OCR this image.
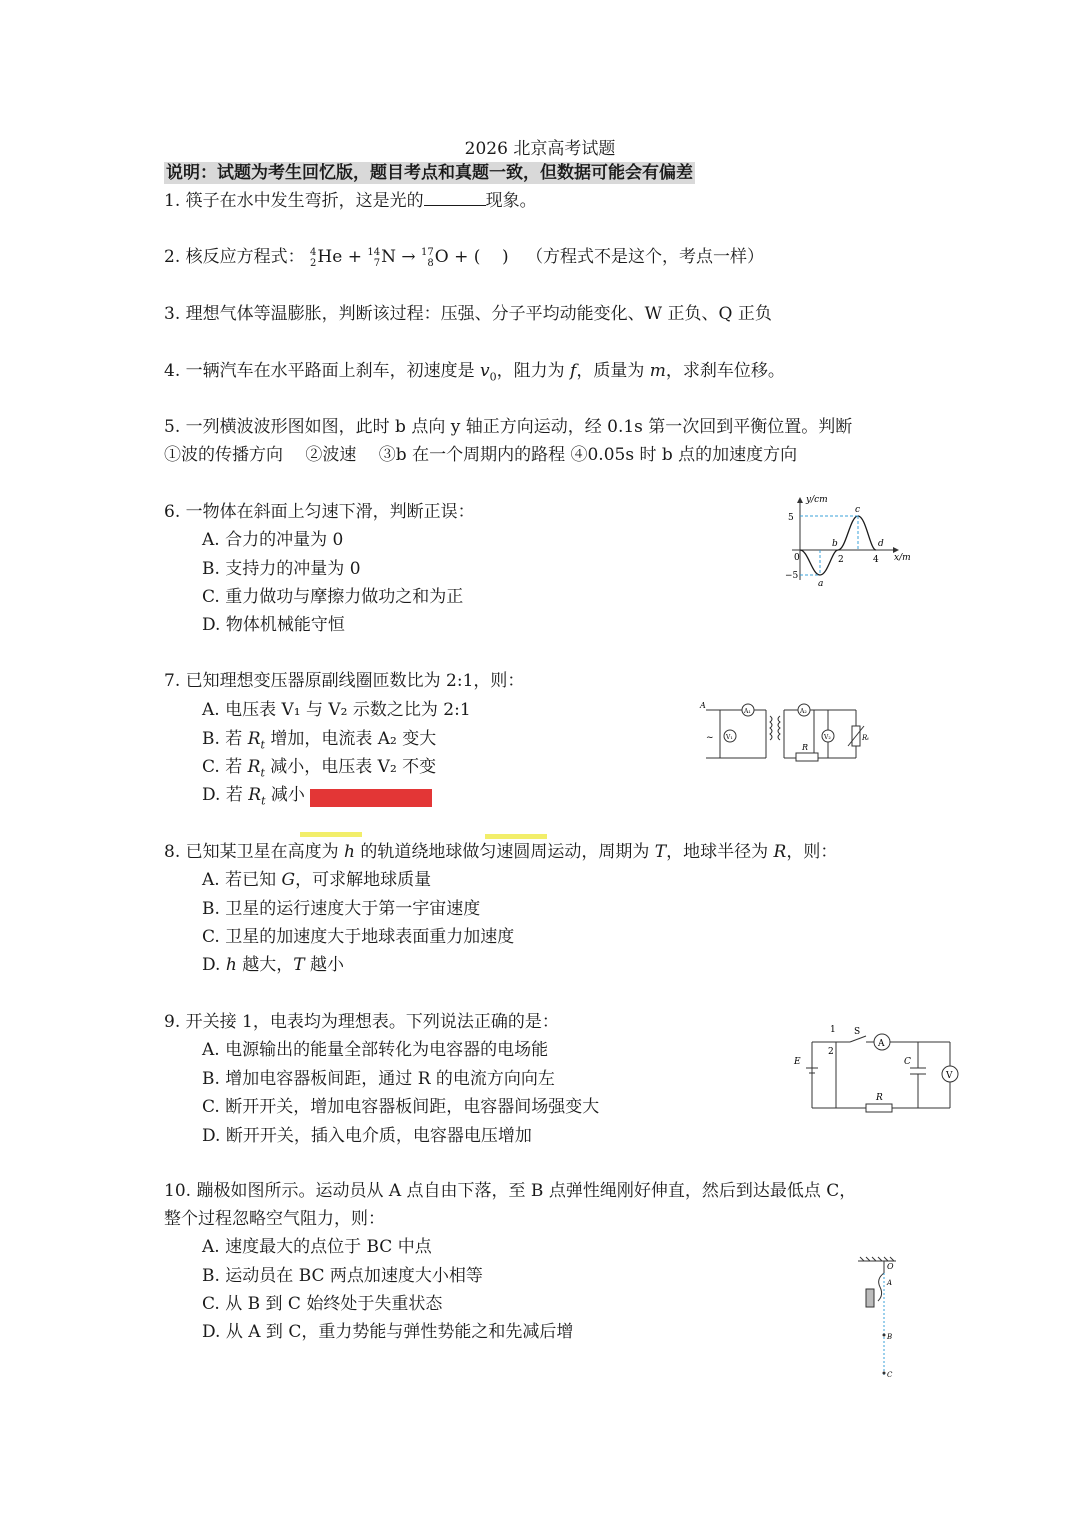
2026 北京高考试题
说明：试题为考生回忆版，题目考点和真题一致，但数据可能会有偏差
1. 筷子在水中发生弯折，这是光的	现象。
2. 核反应方程式： 4
2 He + 14
7 N → 17
8 O + (    ) （方程式不是这个，考点一样）
3. 理想气体等温膨胀，判断该过程：压强、分子平均动能变化、W 正负、Q 正负
4. 一辆汽车在水平路面上刹车，初速度是 $v_0$，阻力为 f，质量为 m，求刹车位移。
5. 一列横波波形图如图，此时 b 点向 y 轴正方向运动，经 0.1s 第一次回到平衡位置。判断
①波的传播方向　 ②波速　 ③b 在一个周期内的路程 ④0.05s 时 b 点的加速度方向
6. 一物体在斜面上匀速下滑，判断正误：
A. 合力的冲量为 0
B. 支持力的冲量为 0
C. 重力做功与摩擦力做功之和为正
D. 物体机械能守恒
y/cm
5
−5
0	2	4 x/m
a
b
c
d
7. 已知理想变压器原副线圈匝数比为 2:1，则：
A. 电压表 V₁ 与 V₂ 示数之比为 2:1
B. 若 $R_t$ 增加，电流表 A₂ 变大
C. 若 $R_t$ 减小，电压表 V₂ 不变
D. 若 $R_t$ 减小
A
A₁
V₁
A₂
V₂
R
Rₜ
~
8. 已知某卫星在高度为 h 的轨道绕地球做匀速圆周运动，周期为 T，地球半径为 R，则：
A. 若已知 G，可求解地球质量
B. 卫星的运行速度大于第一宇宙速度
C. 卫星的加速度大于地球表面重力加速度
D. h 越大，T 越小
9. 开关接 1，电表均为理想表。下列说法正确的是：
A. 电源输出的能量全部转化为电容器的电场能
B. 增加电容器板间距，通过 R 的电流方向向左
C. 断开开关，增加电容器板间距，电容器间场强变大
D. 断开开关，插入电介质，电容器电压增加
1
2
S
E
A
C
V
R
10. 蹦极如图所示。运动员从 A 点自由下落，至 B 点弹性绳刚好伸直，然后到达最低点 C，
整个过程忽略空气阻力，则：
A. 速度最大的点位于 BC 中点
B. 运动员在 BC 两点加速度大小相等
C. 从 B 到 C 始终处于失重状态
D. 从 A 到 C，重力势能与弹性势能之和先减后增
O
A
B
C
